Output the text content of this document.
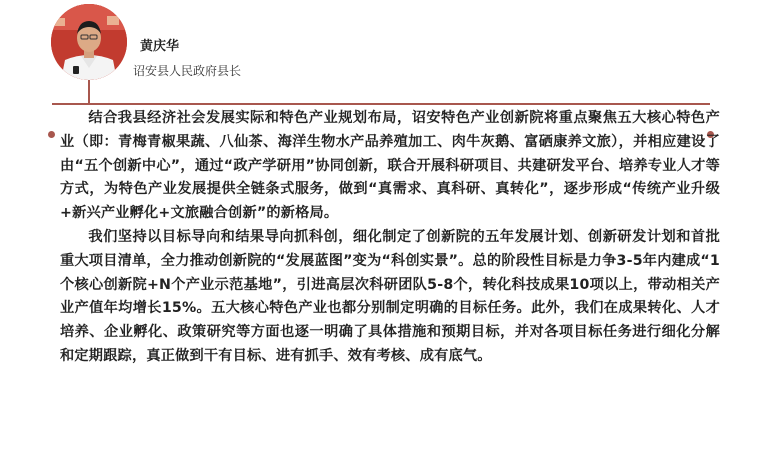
黄庆华
诏安县人民政府县长

结合我县经济社会发展实际和特色产业规划布局，诏安特色产业创新院将重点聚焦五大核心特色产业（即：青梅青椒果蔬、八仙茶、海洋生物水产品养殖加工、肉牛灰鹅、富硒康养文旅），并相应建设了由“五个创新中心”，通过“政产学研用”协同创新，联合开展科研项目、共建研发平台、培养专业人才等方式，为特色产业发展提供全链条式服务，做到“真需求、真科研、真转化”，逐步形成“传统产业升级+新兴产业孵化+文旅融合创新”的新格局。

我们坚持以目标导向和结果导向抓科创，细化制定了创新院的五年发展计划、创新研发计划和首批重大项目清单，全力推动创新院的“发展蓝图”变为“科创实景”。总的阶段性目标是力争3-5年内建成“1个核心创新院+N个产业示范基地”，引进高层次科研团队5-8个，转化科技成果10项以上，带动相关产业产值年均增长15%。五大核心特色产业也都分别制定明确的目标任务。此外，我们在成果转化、人才培养、企业孵化、政策研究等方面也逐一明确了具体措施和预期目标，并对各项目标任务进行细化分解和定期跟踪，真正做到干有目标、进有抓手、效有考核、成有底气。
